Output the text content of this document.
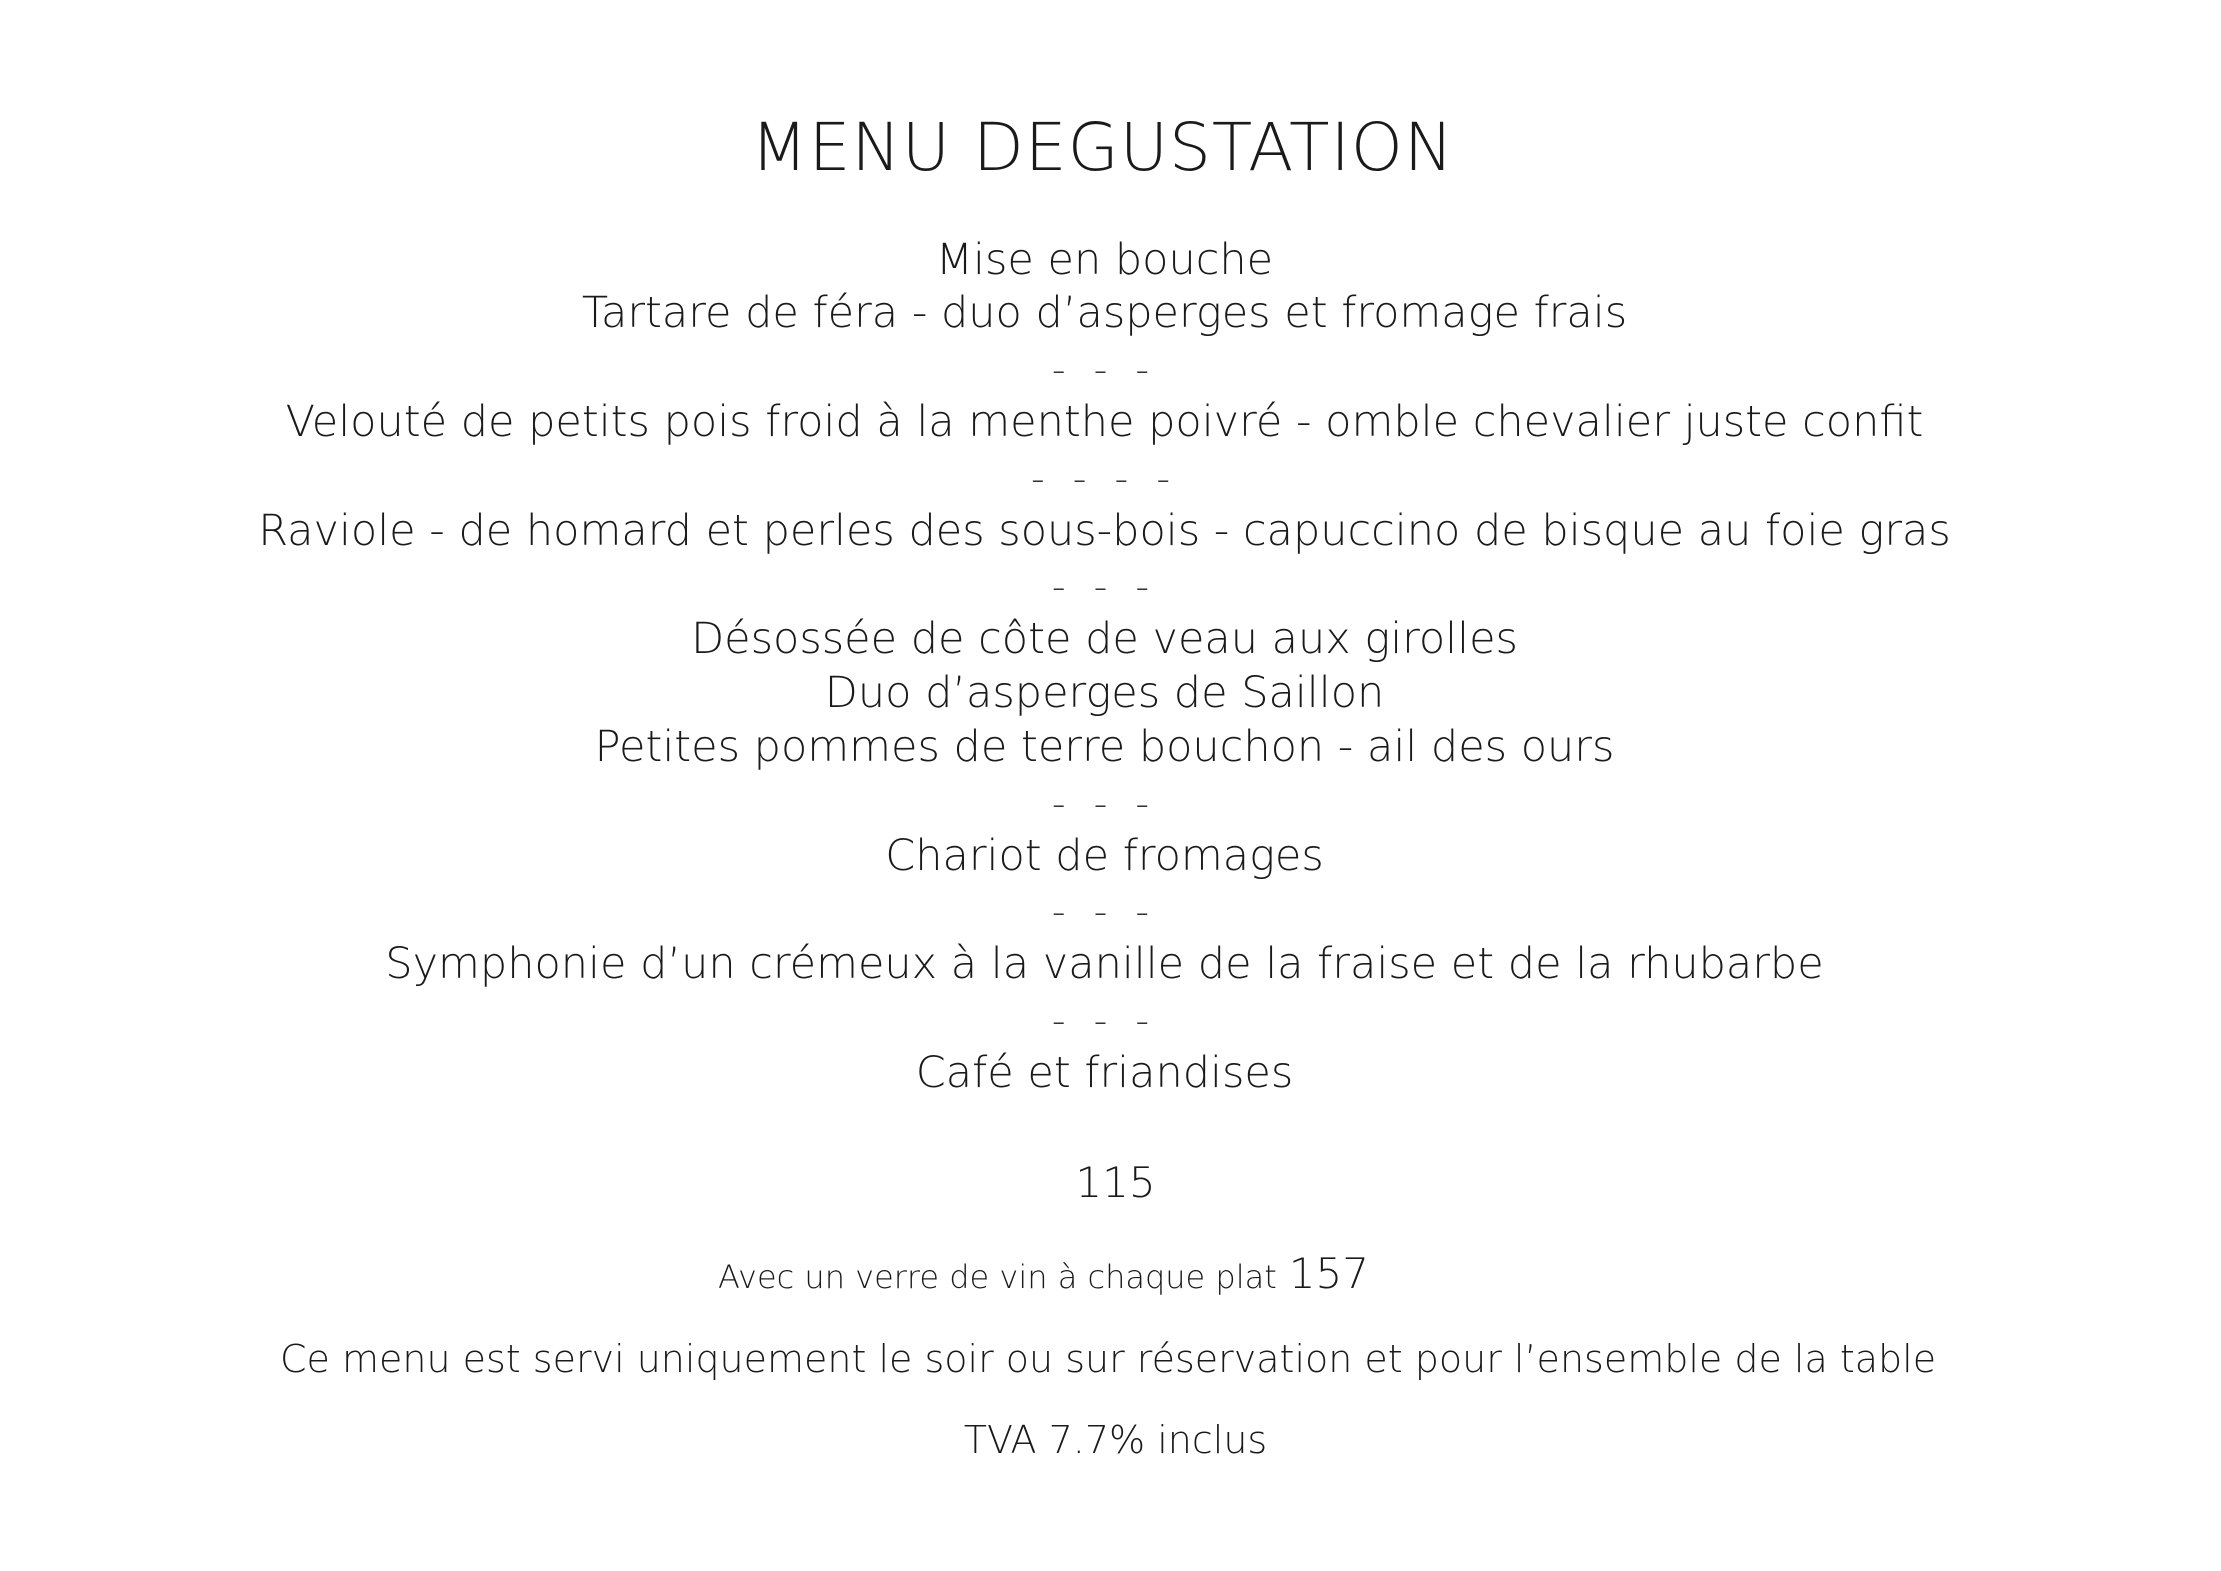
MENU DEGUSTATION
Mise en bouche
Tartare de féra - duo d’asperges et fromage frais
- - -
Velouté de petits pois froid à la menthe poivré - omble chevalier juste confit
- - - -
Raviole - de homard et perles des sous-bois - capuccino de bisque au foie gras
- - -
Désossée de côte de veau aux girolles
Duo d’asperges de Saillon
Petites pommes de terre bouchon - ail des ours
- - -
Chariot de fromages
- - -
Symphonie d’un crémeux à la vanille de la fraise et de la rhubarbe
- - -
Café et friandises
115
Avec un verre de vin à chaque plat 157
Ce menu est servi uniquement le soir ou sur réservation et pour l’ensemble de la table
TVA 7.7% inclus
